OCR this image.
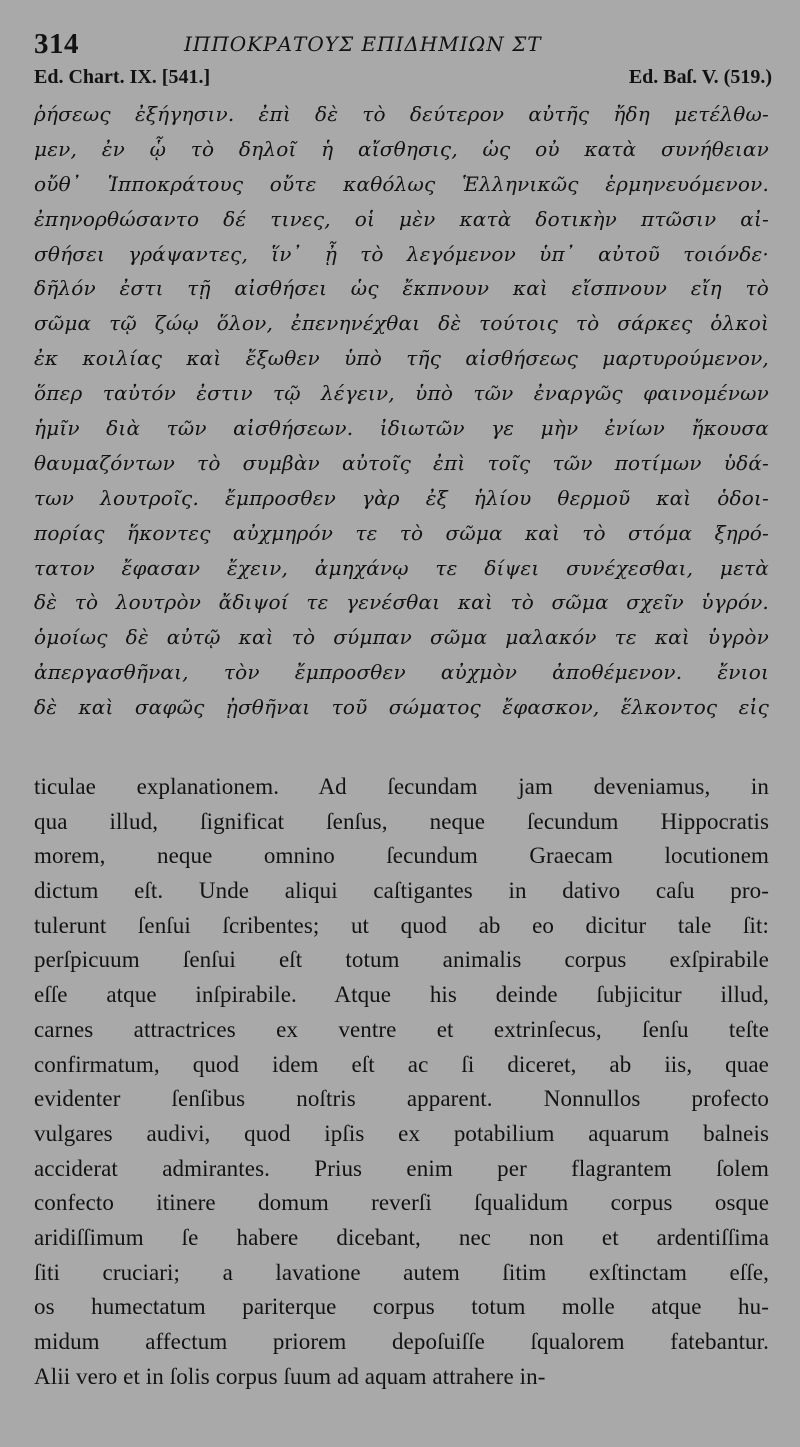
314	ΙΠΠΟΚΡΑΤΟΥΣ ΕΠΙΔΗΜΙΩΝ ΣΤ
Ed. Chart. IX. [541.]	Ed. Baſ. V. (519.)
ῥήσεως ἐξήγησιν. ἐπὶ δὲ τὸ δεύτερον αὐτῆς ἤδη μετέλθω-
μεν, ἐν ᾧ τὸ δηλοῖ ἡ αἴσθησις, ὡς οὐ κατὰ συνήθειαν
οὔθ᾽ Ἱπποκράτους οὔτε καθόλως Ἑλληνικῶς ἑρμηνευόμενον.
ἐπηνορθώσαντο δέ τινες, οἱ μὲν κατὰ δοτικὴν πτῶσιν αἰ-
σθήσει γράψαντες, ἵν᾽ ᾖ τὸ λεγόμενον ὑπ᾽ αὐτοῦ τοιόνδε·
δῆλόν ἐστι τῇ αἰσθήσει ὡς ἔκπνουν καὶ εἴσπνουν εἴη τὸ
σῶμα τῷ ζώῳ ὅλον, ἐπενηνέχθαι δὲ τούτοις τὸ σάρκες ὁλκοὶ
ἐκ κοιλίας καὶ ἔξωθεν ὑπὸ τῆς αἰσθήσεως μαρτυρούμενον,
ὅπερ ταὐτόν ἐστιν τῷ λέγειν, ὑπὸ τῶν ἐναργῶς φαινομένων
ἡμῖν διὰ τῶν αἰσθήσεων. ἰδιωτῶν γε μὴν ἐνίων ἤκουσα
θαυμαζόντων τὸ συμβὰν αὐτοῖς ἐπὶ τοῖς τῶν ποτίμων ὑδά-
των λουτροῖς. ἔμπροσθεν γὰρ ἐξ ἡλίου θερμοῦ καὶ ὁδοι-
πορίας ἥκοντες αὐχμηρόν τε τὸ σῶμα καὶ τὸ στόμα ξηρό-
τατον ἔφασαν ἔχειν, ἀμηχάνῳ τε δίψει συνέχεσθαι, μετὰ
δὲ τὸ λουτρὸν ἄδιψοί τε γενέσθαι καὶ τὸ σῶμα σχεῖν ὑγρόν.
ὁμοίως δὲ αὐτῷ καὶ τὸ σύμπαν σῶμα μαλακόν τε καὶ ὑγρὸν
ἀπεργασθῆναι, τὸν ἔμπροσθεν αὐχμὸν ἀποθέμενον. ἔνιοι
δὲ καὶ σαφῶς ᾐσθῆναι τοῦ σώματος ἔφασκον, ἕλκοντος εἰς
ticulae explanationem. Ad ſecundam jam deveniamus, in
qua illud, ſignificat ſenſus, neque ſecundum Hippocratis
morem, neque omnino ſecundum Graecam locutionem
dictum eſt. Unde aliqui caſtigantes in dativo caſu pro-
tulerunt ſenſui ſcribentes; ut quod ab eo dicitur tale ſit:
perſpicuum ſenſui eſt totum animalis corpus exſpirabile
eſſe atque inſpirabile. Atque his deinde ſubjicitur illud,
carnes attractrices ex ventre et extrinſecus, ſenſu teſte
confirmatum, quod idem eſt ac ſi diceret, ab iis, quae
evidenter ſenſibus noſtris apparent. Nonnullos profecto
vulgares audivi, quod ipſis ex potabilium aquarum balneis
acciderat admirantes. Prius enim per flagrantem ſolem
confecto itinere domum reverſi ſqualidum corpus osque
aridiſſimum ſe habere dicebant, nec non et ardentiſſima
ſiti cruciari; a lavatione autem ſitim exſtinctam eſſe,
os humectatum pariterque corpus totum molle atque hu-
midum affectum priorem depoſuiſſe ſqualorem fatebantur.
Alii vero et in ſolis corpus ſuum ad aquam attrahere in-
